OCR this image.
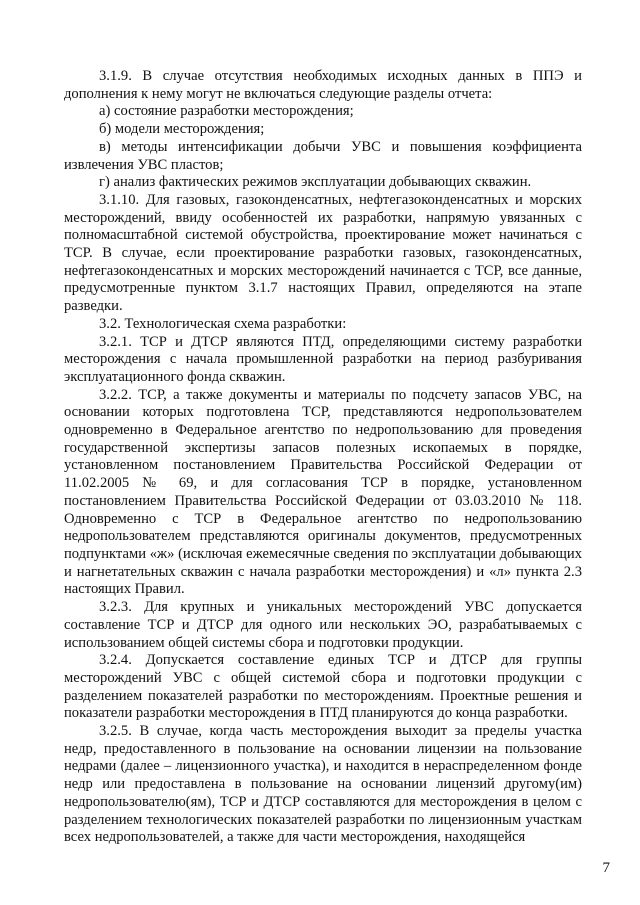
3.1.9. В случае отсутствия необходимых исходных данных в ППЭ и дополнения к нему могут не включаться следующие разделы отчета:

а) состояние разработки месторождения;

б) модели месторождения;

в) методы интенсификации добычи УВС и повышения коэффициента извлечения УВС пластов;

г) анализ фактических режимов эксплуатации добывающих скважин.

3.1.10. Для газовых, газоконденсатных, нефтегазоконденсатных и морских месторождений, ввиду особенностей их разработки, напрямую увязанных с полномасштабной системой обустройства, проектирование может начинаться с ТСР. В случае, если проектирование разработки газовых, газоконденсатных, нефтегазоконденсатных и морских месторождений начинается с ТСР, все данные, предусмотренные пунктом 3.1.7 настоящих Правил, определяются на этапе разведки.

3.2. Технологическая схема разработки:

3.2.1. ТСР и ДТСР являются ПТД, определяющими систему разработки месторождения с начала промышленной разработки на период разбуривания эксплуатационного фонда скважин.

3.2.2. ТСР, а также документы и материалы по подсчету запасов УВС, на основании которых подготовлена ТСР, представляются недропользователем одновременно в Федеральное агентство по недропользованию для проведения государственной экспертизы запасов полезных ископаемых в порядке, установленном постановлением Правительства Российской Федерации от 11.02.2005 № 69, и для согласования ТСР в порядке, установленном постановлением Правительства Российской Федерации от 03.03.2010 № 118. Одновременно с ТСР в Федеральное агентство по недропользованию недропользователем представляются оригиналы документов, предусмотренных подпунктами «ж» (исключая ежемесячные сведения по эксплуатации добывающих и нагнетательных скважин с начала разработки месторождения) и «л» пункта 2.3 настоящих Правил.

3.2.3. Для крупных и уникальных месторождений УВС допускается составление ТСР и ДТСР для одного или нескольких ЭО, разрабатываемых с использованием общей системы сбора и подготовки продукции.

3.2.4. Допускается составление единых ТСР и ДТСР для группы месторождений УВС с общей системой сбора и подготовки продукции с разделением показателей разработки по месторождениям. Проектные решения и показатели разработки месторождения в ПТД планируются до конца разработки.

3.2.5. В случае, когда часть месторождения выходит за пределы участка недр, предоставленного в пользование на основании лицензии на пользование недрами (далее – лицензионного участка), и находится в нераспределенном фонде недр или предоставлена в пользование на основании лицензий другому(им) недропользователю(ям), ТСР и ДТСР составляются для месторождения в целом с разделением технологических показателей разработки по лицензионным участкам всех недропользователей, а также для части месторождения, находящейся

7
